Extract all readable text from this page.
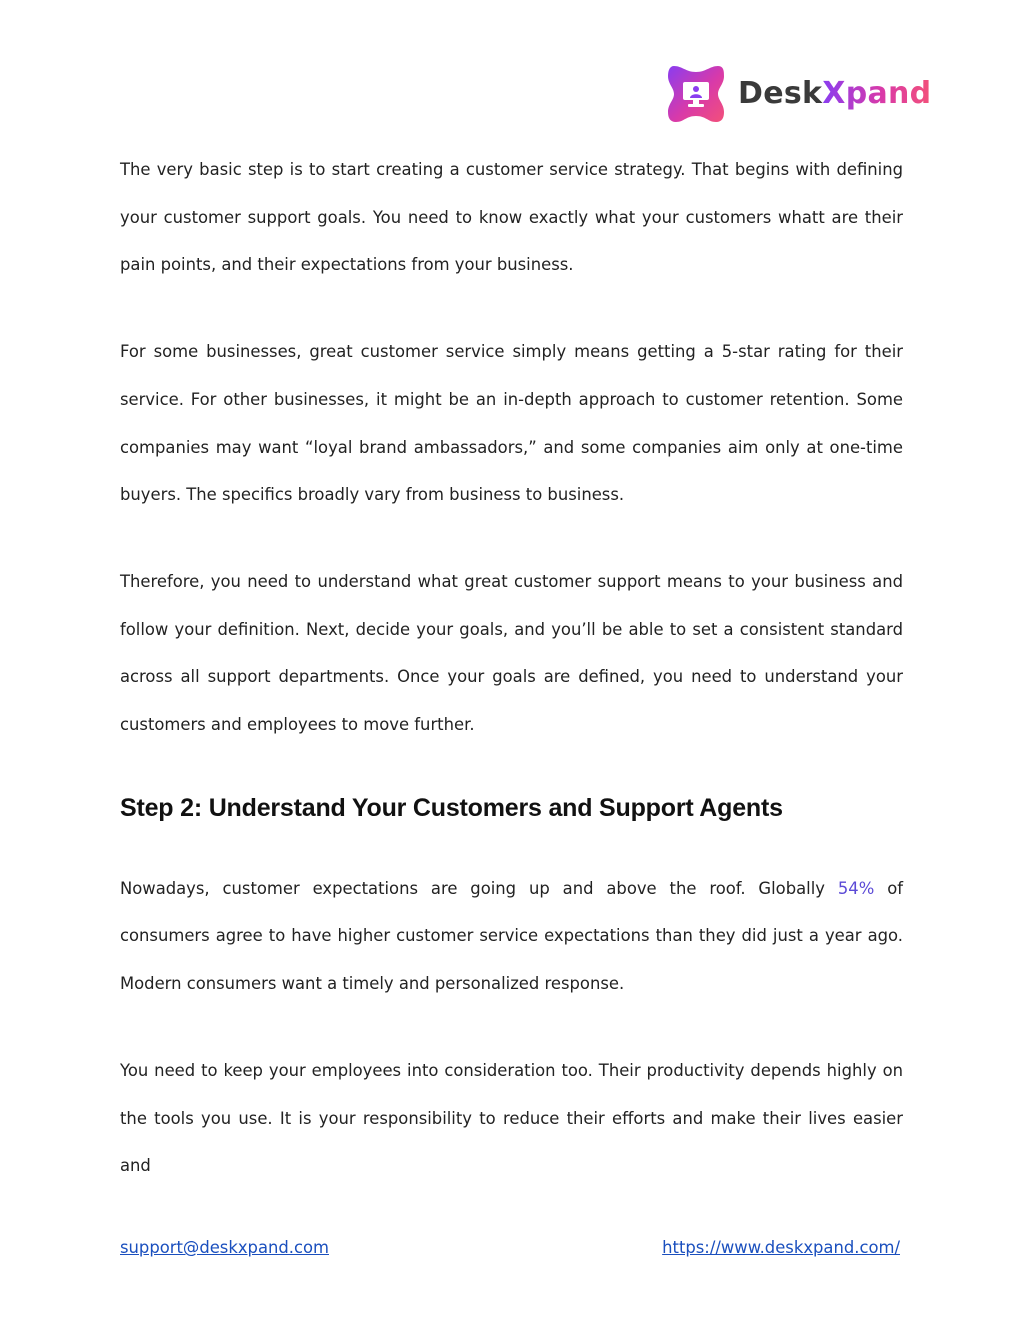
DeskXpand

The very basic step is to start creating a customer service strategy. That begins with defining your customer support goals. You need to know exactly what your customers whatt are their pain points, and their expectations from your business.

For some businesses, great customer service simply means getting a 5-star rating for their service. For other businesses, it might be an in-depth approach to customer retention. Some companies may want “loyal brand ambassadors,” and some companies aim only at one-time buyers. The specifics broadly vary from business to business.

Therefore, you need to understand what great customer support means to your business and follow your definition. Next, decide your goals, and you’ll be able to set a consistent standard across all support departments. Once your goals are defined, you need to understand your customers and employees to move further.

Step 2: Understand Your Customers and Support Agents

Nowadays, customer expectations are going up and above the roof. Globally 54% of consumers agree to have higher customer service expectations than they did just a year ago. Modern consumers want a timely and personalized response.

You need to keep your employees into consideration too. Their productivity depends highly on the tools you use. It is your responsibility to reduce their efforts and make their lives easier and

support@deskxpand.com	https://www.deskxpand.com/
